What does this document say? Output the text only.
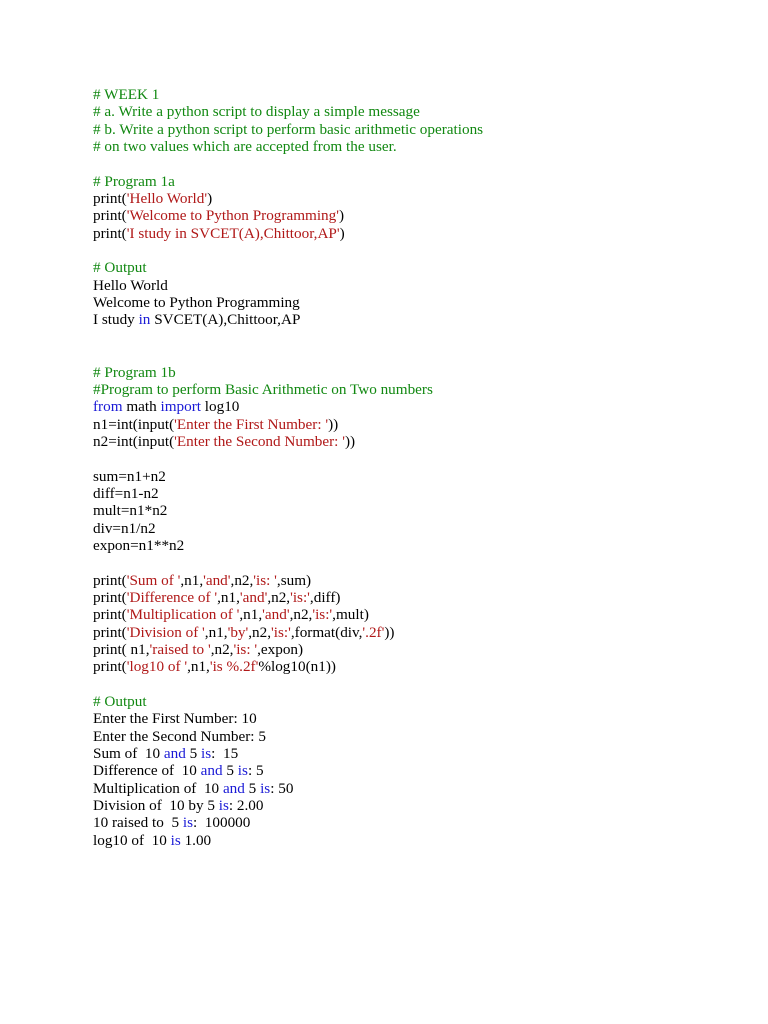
# WEEK 1
# a. Write a python script to display a simple message
# b. Write a python script to perform basic arithmetic operations
# on two values which are accepted from the user.
# Program 1a
print('Hello World')
print('Welcome to Python Programming')
print('I study in SVCET(A),Chittoor,AP')
# Output
Hello World
Welcome to Python Programming
I study in SVCET(A),Chittoor,AP
# Program 1b
#Program to perform Basic Arithmetic on Two numbers
from math import log10
n1=int(input('Enter the First Number: '))
n2=int(input('Enter the Second Number: '))
sum=n1+n2
diff=n1-n2
mult=n1*n2
div=n1/n2
expon=n1**n2
print('Sum of ',n1,'and',n2,'is: ',sum)
print('Difference of ',n1,'and',n2,'is:',diff)
print('Multiplication of ',n1,'and',n2,'is:',mult)
print('Division of ',n1,'by',n2,'is:',format(div,'.2f'))
print( n1,'raised to ',n2,'is: ',expon)
print('log10 of ',n1,'is %.2f'%log10(n1))
# Output
Enter the First Number: 10
Enter the Second Number: 5
Sum of  10 and 5 is:  15
Difference of  10 and 5 is: 5
Multiplication of  10 and 5 is: 50
Division of  10 by 5 is: 2.00
10 raised to  5 is:  100000
log10 of  10 is 1.00
